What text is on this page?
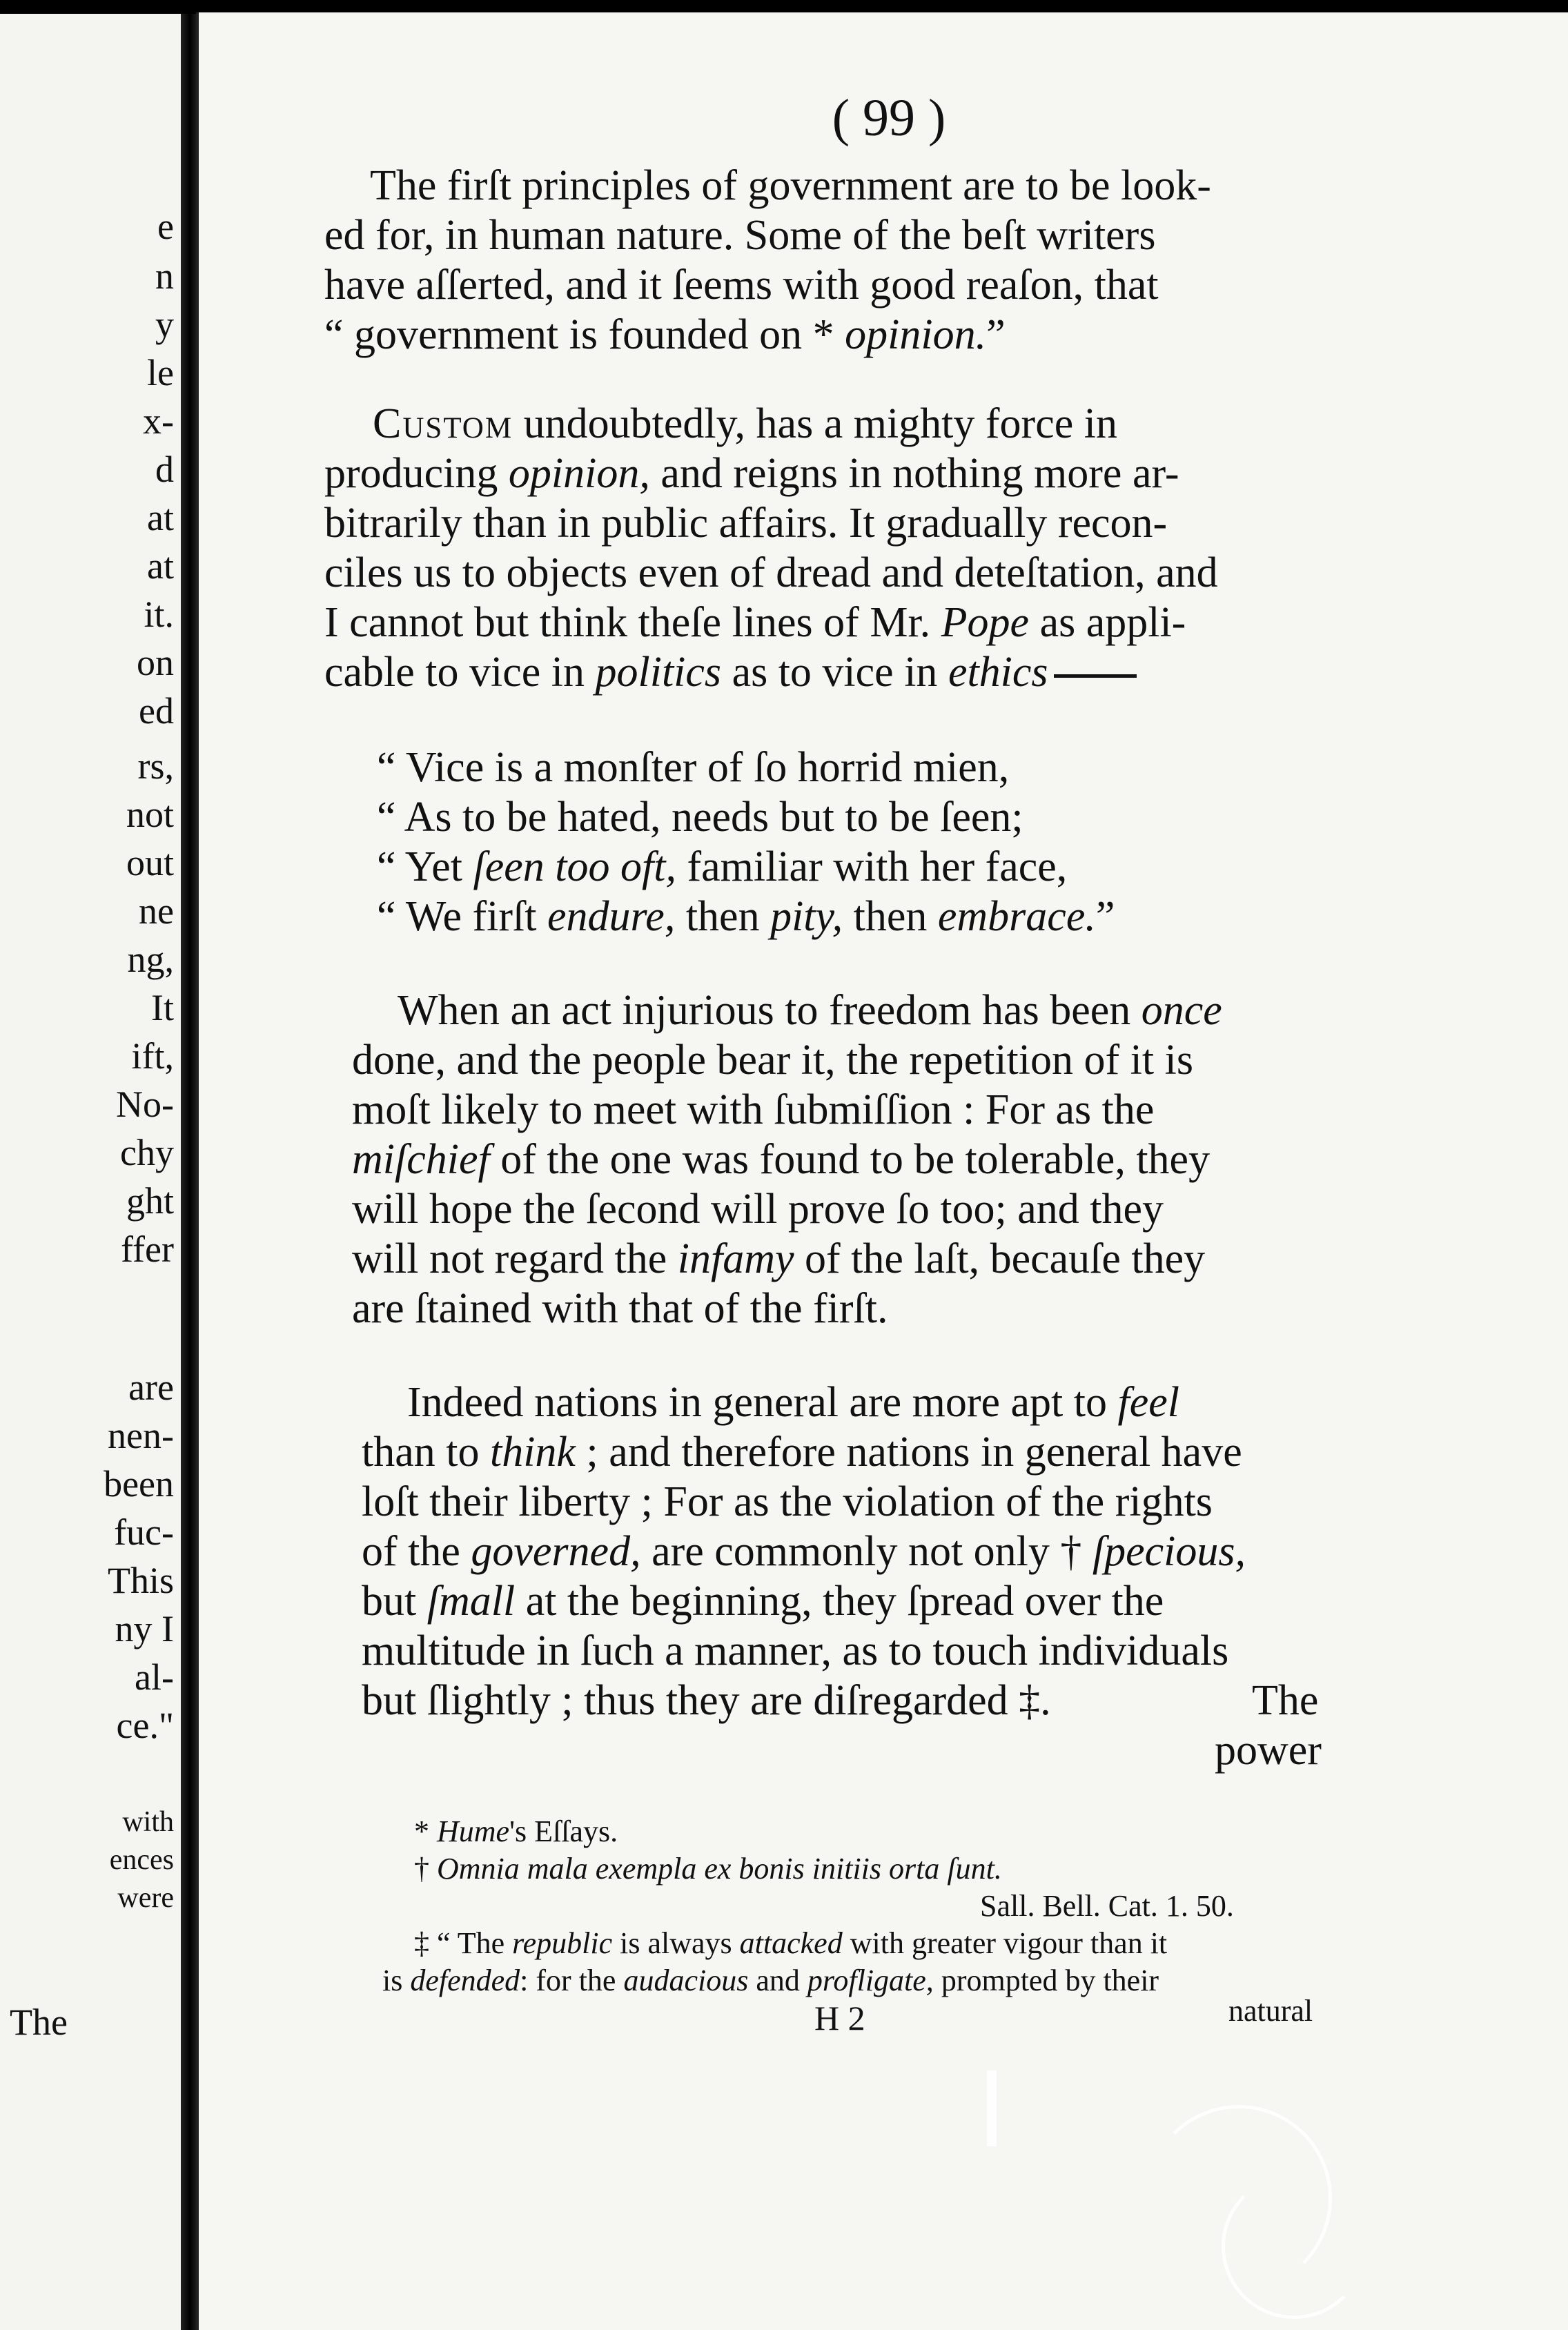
e
n
y
le
x-
d
at
at
it.
on
ed
rs,
not
out
ne
ng,
It
ift,
No-
chy
ght
ffer
are
nen-
been
fuc-
This
ny I
al-
ce."
with
ences
were
The
( 99 )
The firſt principles of government are to be look-
ed for, in human nature. Some of the beſt writers
have aſſerted, and it ſeems with good reaſon, that
“ government is founded on * opinion.”
Custom undoubtedly, has a mighty force in
producing opinion, and reigns in nothing more ar-
bitrarily than in public affairs. It gradually recon-
ciles us to objects even of dread and deteſtation, and
I cannot but think theſe lines of Mr. Pope as appli-
cable to vice in politics as to vice in ethics
“ Vice is a monſter of ſo horrid mien,
“ As to be hated, needs but to be ſeen;
“ Yet ſeen too oft, familiar with her face,
“ We firſt endure, then pity, then embrace.”
When an act injurious to freedom has been once
done, and the people bear it, the repetition of it is
moſt likely to meet with ſubmiſſion : For as the
miſchief of the one was found to be tolerable, they
will hope the ſecond will prove ſo too; and they
will not regard the infamy of the laſt, becauſe they
are ſtained with that of the firſt.
Indeed nations in general are more apt to feel
than to think ; and therefore nations in general have
loſt their liberty ; For as the violation of the rights
of the governed, are commonly not only † ſpecious,
but ſmall at the beginning, they ſpread over the
multitude in ſuch a manner, as to touch individuals
but ſlightly ; thus they are diſregarded ‡.	The
power
* Hume's Eſſays.
† Omnia mala exempla ex bonis initiis orta ſunt.
Sall. Bell. Cat. 1. 50.
‡ “ The republic is always attacked with greater vigour than it
is defended: for the audacious and profligate, prompted by their
natural
H 2
